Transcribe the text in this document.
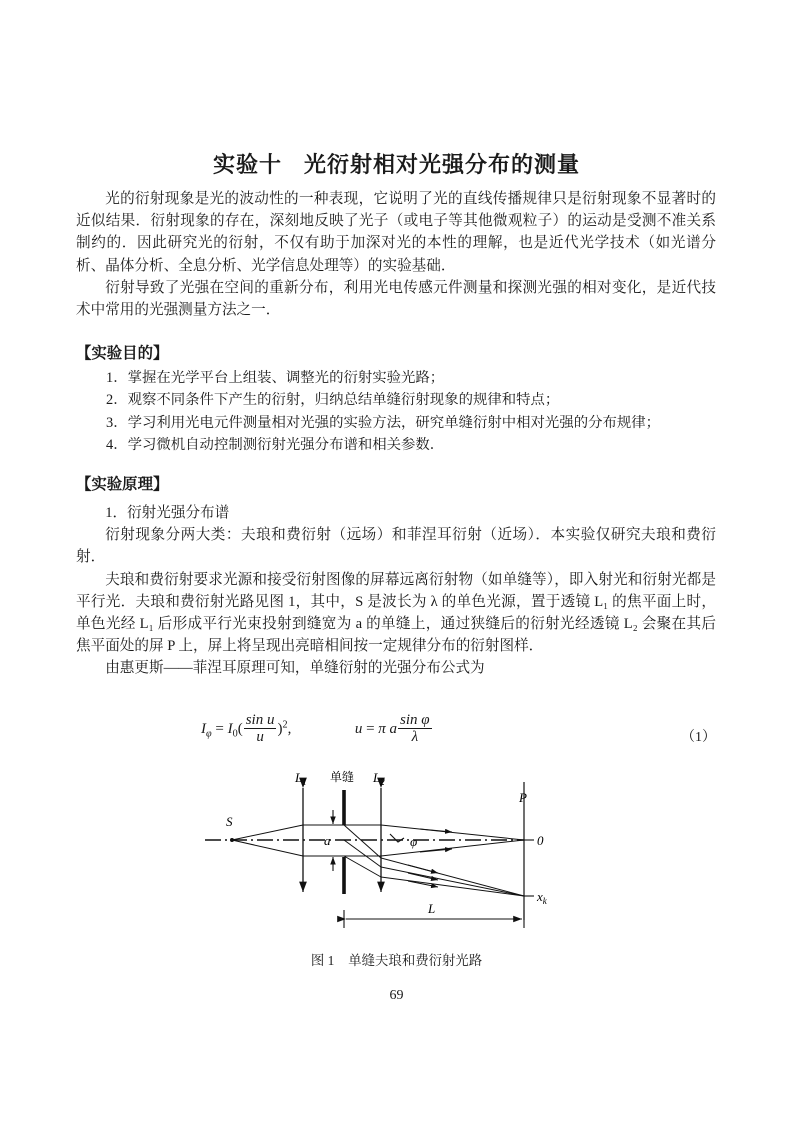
实验十 光衍射相对光强分布的测量

光的衍射现象是光的波动性的一种表现，它说明了光的直线传播规律只是衍射现象不显著时的近似结果．衍射现象的存在，深刻地反映了光子（或电子等其他微观粒子）的运动是受测不准关系制约的．因此研究光的衍射，不仅有助于加深对光的本性的理解，也是近代光学技术（如光谱分析、晶体分析、全息分析、光学信息处理等）的实验基础．

衍射导致了光强在空间的重新分布，利用光电传感元件测量和探测光强的相对变化，是近代技术中常用的光强测量方法之一．

【实验目的】
1．掌握在光学平台上组装、调整光的衍射实验光路；
2．观察不同条件下产生的衍射，归纳总结单缝衍射现象的规律和特点；
3．学习利用光电元件测量相对光强的实验方法，研究单缝衍射中相对光强的分布规律；
4．学习微机自动控制测衍射光强分布谱和相关参数．
【实验原理】

1．衍射光强分布谱

衍射现象分两大类：夫琅和费衍射（远场）和菲涅耳衍射（近场）．本实验仅研究夫琅和费衍射．

夫琅和费衍射要求光源和接受衍射图像的屏幕远离衍射物（如单缝等），即入射光和衍射光都是平行光．夫琅和费衍射光路见图 1，其中，S 是波长为 λ 的单色光源，置于透镜 L₁ 的焦平面上时，单色光经 L₁ 后形成平行光束投射到缝宽为 a 的单缝上，通过狭缝后的衍射光经透镜 L₂ 会聚在其后焦平面处的屏 P 上，屏上将呈现出亮暗相间按一定规律分布的衍射图样．

由惠更斯——菲涅耳原理可知，单缝衍射的光强分布公式为

$I_\varphi = I_0( \frac{\text{sin u}}{u} )^2$,	u = π a $\frac{\text{sin φ}}{\lambda}$	（1）
S
$L_1$ 单缝 $L_2$
a	φ
P
0
$x_k$
L
图 1 单缝夫琅和费衍射光路
69
